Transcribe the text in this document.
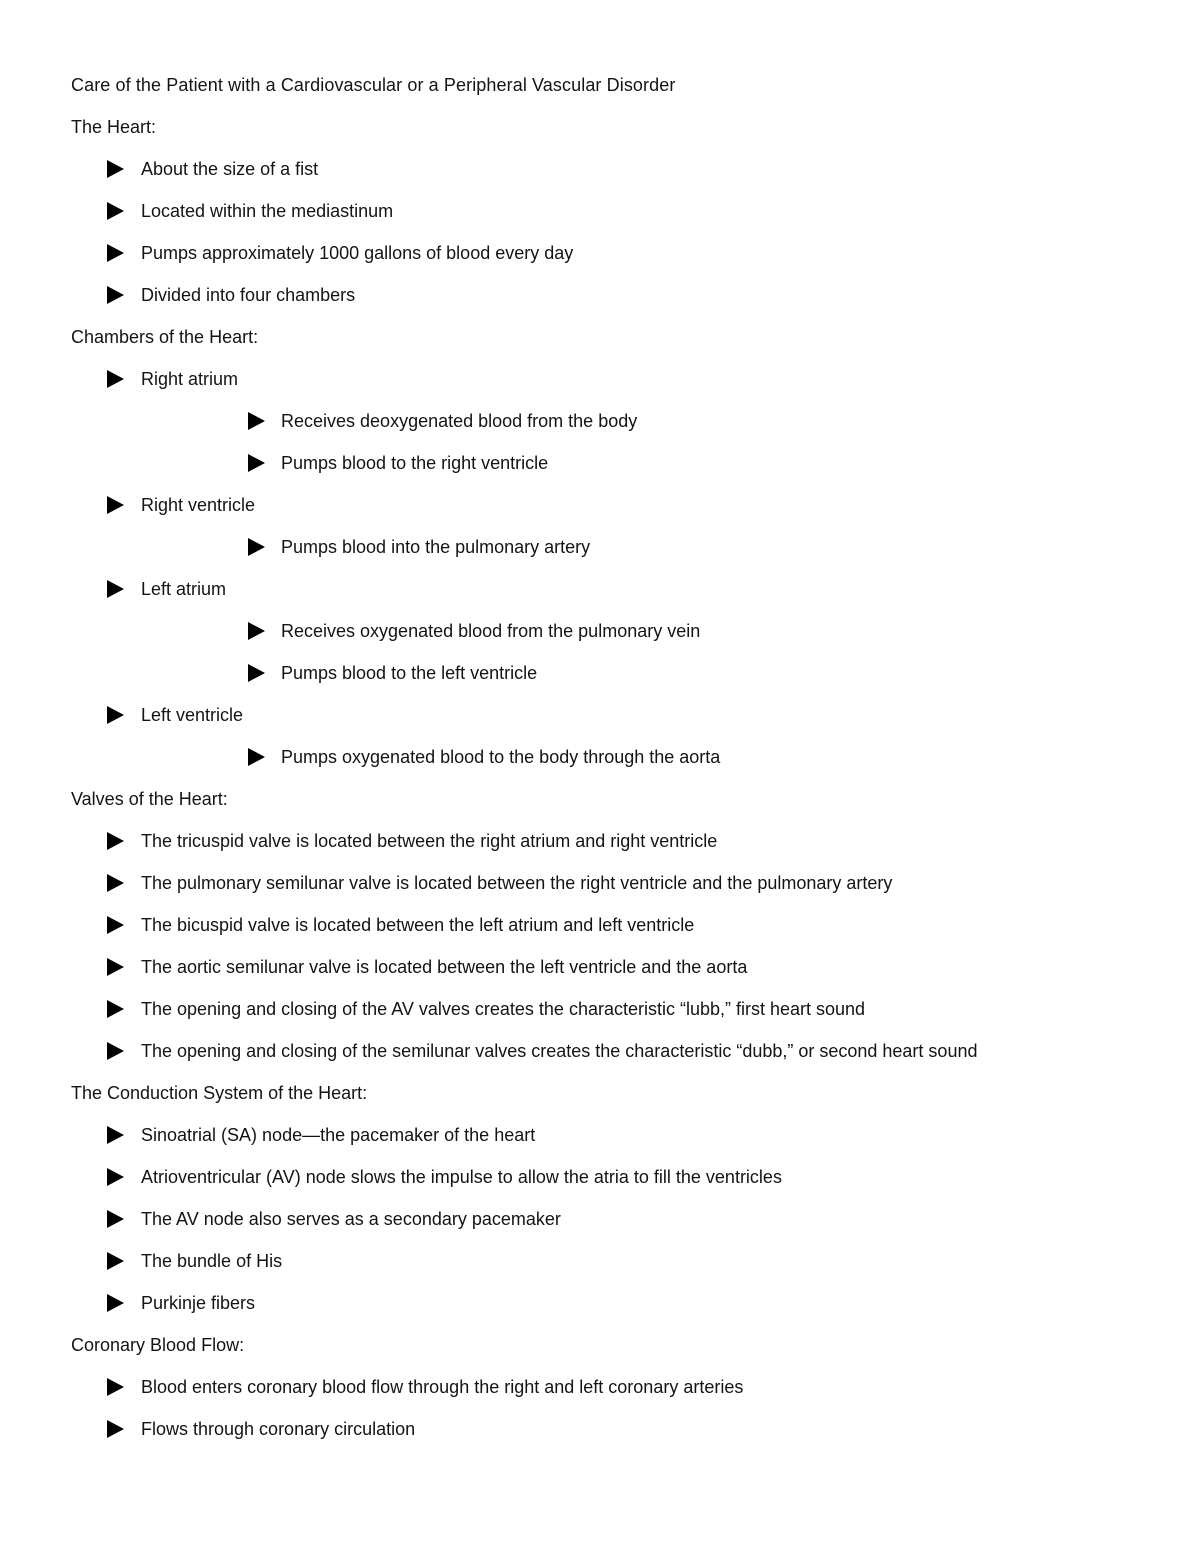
Care of the Patient with a Cardiovascular or a Peripheral Vascular Disorder
The Heart:
About the size of a fist
Located within the mediastinum
Pumps approximately 1000 gallons of blood every day
Divided into four chambers
Chambers of the Heart:
Right atrium
Receives deoxygenated blood from the body
Pumps blood to the right ventricle
Right ventricle
Pumps blood into the pulmonary artery
Left atrium
Receives oxygenated blood from the pulmonary vein
Pumps blood to the left ventricle
Left ventricle
Pumps oxygenated blood to the body through the aorta
Valves of the Heart:
The tricuspid valve is located between the right atrium and right ventricle
The pulmonary semilunar valve is located between the right ventricle and the pulmonary artery
The bicuspid valve is located between the left atrium and left ventricle
The aortic semilunar valve is located between the left ventricle and the aorta
The opening and closing of the AV valves creates the characteristic “lubb,” first heart sound
The opening and closing of the semilunar valves creates the characteristic “dubb,” or second heart sound
The Conduction System of the Heart:
Sinoatrial (SA) node—the pacemaker of the heart
Atrioventricular (AV) node slows the impulse to allow the atria to fill the ventricles
The AV node also serves as a secondary pacemaker
The bundle of His
Purkinje fibers
Coronary Blood Flow:
Blood enters coronary blood flow through the right and left coronary arteries
Flows through coronary circulation
